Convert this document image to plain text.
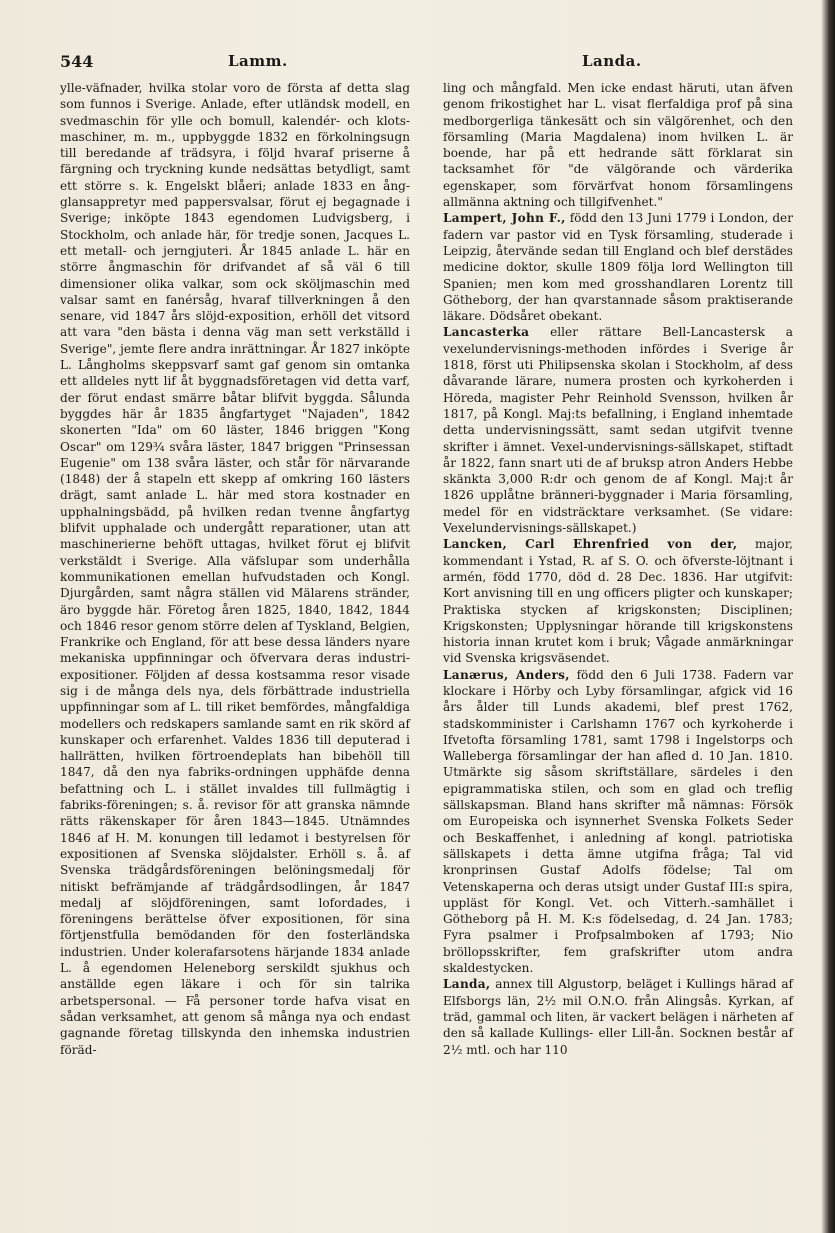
544	Lamm.	Landa.

ylle-väfnader, hvilka stolar voro de första af detta slag som funnos i Sverige. Anlade, efter utländsk modell, en svedmaschin för ylle och bomull, kalendér- och klots-maschiner, m. m., uppbyggde 1832 en förkolningsugn till beredande af trädsyra, i följd hvaraf priserne å färgning och tryckning kunde nedsättas betydligt, samt ett större s. k. Engelskt blåeri; anlade 1833 en ång-glansappretyr med pappersvalsar, förut ej begagnade i Sverige; inköpte 1843 egendomen Ludvigsberg, i Stockholm, och anlade här, för tredje sonen, Jacques L. ett metall- och jerngjuteri. År 1845 anlade L. här en större ångmaschin för drifvandet af så väl 6 till dimensioner olika valkar, som ock sköljmaschin med valsar samt en fanérsåg, hvaraf tillverkningen å den senare, vid 1847 års slöjd-exposition, erhöll det vitsord att vara "den bästa i denna väg man sett verkställd i Sverige", jemte flere andra inrättningar. År 1827 inköpte L. Långholms skeppsvarf samt gaf genom sin omtanka ett alldeles nytt lif åt byggnadsföretagen vid detta varf, der förut endast smärre båtar blifvit byggda. Sålunda byggdes här år 1835 ångfartyget "Najaden", 1842 skonerten "Ida" om 60 läster, 1846 briggen "Kong Oscar" om 129¾ svåra läster, 1847 briggen "Prinsessan Eugenie" om 138 svåra läster, och står för närvarande (1848) der å stapeln ett skepp af omkring 160 lästers drägt, samt anlade L. här med stora kostnader en upphalningsbädd, på hvilken redan tvenne ångfartyg blifvit upphalade och undergått reparationer, utan att maschinerierne behöft uttagas, hvilket förut ej blifvit verkstäldt i Sverige. Alla väfslupar som underhålla kommunikationen emellan hufvudstaden och Kongl. Djurgården, samt några ställen vid Mälarens stränder, äro byggde här. Företog åren 1825, 1840, 1842, 1844 och 1846 resor genom större delen af Tyskland, Belgien, Frankrike och England, för att bese dessa länders nyare mekaniska uppfinningar och öfvervara deras industri-expositioner. Följden af dessa kostsamma resor visade sig i de många dels nya, dels förbättrade industriella uppfinningar som af L. till riket bemfördes, mångfaldiga modellers och redskapers samlande samt en rik skörd af kunskaper och erfarenhet. Valdes 1836 till deputerad i hallrätten, hvilken förtroendeplats han bibehöll till 1847, då den nya fabriks-ordningen upphäfde denna befattning och L. i stället invaldes till fullmägtig i fabriks-föreningen; s. å. revisor för att granska nämnde rätts räkenskaper för åren 1843—1845. Utnämndes 1846 af H. M. konungen till ledamot i bestyrelsen för expositionen af Svenska slöjdalster. Erhöll s. å. af Svenska trädgårdsföreningen belöningsmedalj för nitiskt befrämjande af trädgårdsodlingen, år 1847 medalj af slöjdföreningen, samt lofordades, i föreningens berättelse öfver expositionen, för sina förtjenstfulla bemödanden för den fosterländska industrien. Under kolerafarsotens härjande 1834 anlade L. å egendomen Heleneborg serskildt sjukhus och anställde egen läkare i och för sin talrika arbetspersonal. — Få personer torde hafva visat en sådan verksamhet, att genom så många nya och endast gagnande företag tillskynda den inhemska industrien föräd-

ling och mångfald. Men icke endast häruti, utan äfven genom frikostighet har L. visat flerfaldiga prof på sina medborgerliga tänkesätt och sin välgörenhet, och den församling (Maria Magdalena) inom hvilken L. är boende, har på ett hedrande sätt förklarat sin tacksamhet för "de välgörande och värderika egenskaper, som förvärfvat honom församlingens allmänna aktning och tillgifvenhet."

Lampert, John F., född den 13 Juni 1779 i London, der fadern var pastor vid en Tysk församling, studerade i Leipzig, återvände sedan till England och blef derstädes medicine doktor, skulle 1809 följa lord Wellington till Spanien; men kom med grosshandlaren Lorentz till Götheborg, der han qvarstannade såsom praktiserande läkare. Dödsåret obekant.

Lancasterka eller rättare Bell-Lancastersk a vexelundervisnings-methoden infördes i Sverige år 1818, först uti Philipsenska skolan i Stockholm, af dess dåvarande lärare, numera prosten och kyrkoherden i Höreda, magister Pehr Reinhold Svensson, hvilken år 1817, på Kongl. Maj:ts befallning, i England inhemtade detta undervisningssätt, samt sedan utgifvit tvenne skrifter i ämnet. Vexel-undervisnings-sällskapet, stiftadt år 1822, fann snart uti de af bruksp atron Anders Hebbe skänkta 3,000 R:dr och genom de af Kongl. Maj:t år 1826 upplåtne bränneri-byggnader i Maria församling, medel för en vidsträcktare verksamhet. (Se vidare: Vexelundervisnings-sällskapet.)

Lancken, Carl Ehrenfried von der, major, kommendant i Ystad, R. af S. O. och öfverste-löjtnant i armén, född 1770, död d. 28 Dec. 1836. Har utgifvit: Kort anvisning till en ung officers pligter och kunskaper; Praktiska stycken af krigskonsten; Disciplinen; Krigskonsten; Upplysningar hörande till krigskonstens historia innan krutet kom i bruk; Vågade anmärkningar vid Svenska krigsväsendet.

Lanærus, Anders, född den 6 Juli 1738. Fadern var klockare i Hörby och Lyby församlingar, afgick vid 16 års ålder till Lunds akademi, blef prest 1762, stadskomminister i Carlshamn 1767 och kyrkoherde i Ifvetofta församling 1781, samt 1798 i Ingelstorps och Walleberga församlingar der han afled d. 10 Jan. 1810. Utmärkte sig såsom skriftställare, särdeles i den epigrammatiska stilen, och som en glad och treflig sällskapsman. Bland hans skrifter må nämnas: Försök om Europeiska och isynnerhet Svenska Folkets Seder och Beskaffenhet, i anledning af kongl. patriotiska sällskapets i detta ämne utgifna fråga; Tal vid kronprinsen Gustaf Adolfs födelse; Tal om Vetenskaperna och deras utsigt under Gustaf III:s spira, uppläst för Kongl. Vet. och Vitterh.-samhället i Götheborg på H. M. K:s födelsedag, d. 24 Jan. 1783; Fyra psalmer i Profpsalmboken af 1793; Nio bröllopsskrifter, fem grafskrifter utom andra skaldestycken.

Landa, annex till Algustorp, beläget i Kullings härad af Elfsborgs län, 2½ mil O.N.O. från Alingsås. Kyrkan, af träd, gammal och liten, är vackert belägen i närheten af den så kallade Kullings- eller Lill-ån. Socknen består af 2½ mtl. och har 110
